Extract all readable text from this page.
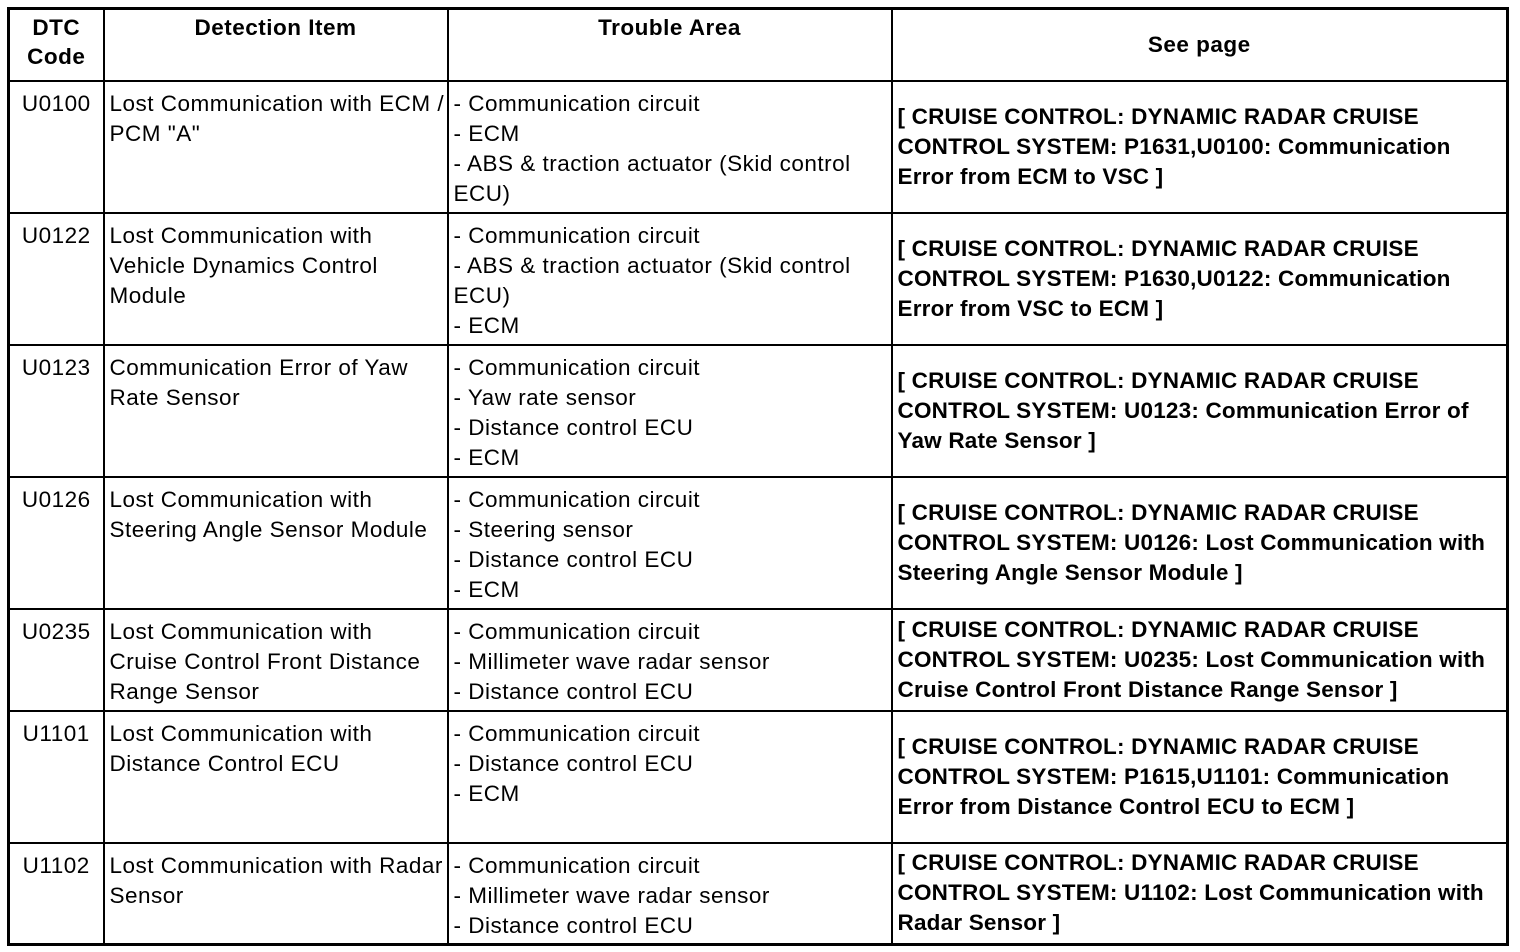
DTC
Code	Detection Item	Trouble Area	See page
U0100	Lost Communication with ECM / PCM "A"	- Communication circuit
- ECM
- ABS & traction actuator (Skid control ECU)	[ CRUISE CONTROL: DYNAMIC RADAR CRUISE CONTROL SYSTEM: P1631,U0100: Communication Error from ECM to VSC ]
U0122	Lost Communication with Vehicle Dynamics Control Module	- Communication circuit
- ABS & traction actuator (Skid control ECU)
- ECM	[ CRUISE CONTROL: DYNAMIC RADAR CRUISE CONTROL SYSTEM: P1630,U0122: Communication Error from VSC to ECM ]
U0123	Communication Error of Yaw Rate Sensor	- Communication circuit
- Yaw rate sensor
- Distance control ECU
- ECM	[ CRUISE CONTROL: DYNAMIC RADAR CRUISE CONTROL SYSTEM: U0123: Communication Error of Yaw Rate Sensor ]
U0126	Lost Communication with Steering Angle Sensor Module	- Communication circuit
- Steering sensor
- Distance control ECU
- ECM	[ CRUISE CONTROL: DYNAMIC RADAR CRUISE CONTROL SYSTEM: U0126: Lost Communication with Steering Angle Sensor Module ]
U0235	Lost Communication with Cruise Control Front Distance Range Sensor	- Communication circuit
- Millimeter wave radar sensor
- Distance control ECU	[ CRUISE CONTROL: DYNAMIC RADAR CRUISE CONTROL SYSTEM: U0235: Lost Communication with Cruise Control Front Distance Range Sensor ]
U1101	Lost Communication with Distance Control ECU	- Communication circuit
- Distance control ECU
- ECM	[ CRUISE CONTROL: DYNAMIC RADAR CRUISE CONTROL SYSTEM: P1615,U1101: Communication Error from Distance Control ECU to ECM ]
U1102	Lost Communication with Radar Sensor	- Communication circuit
- Millimeter wave radar sensor
- Distance control ECU	[ CRUISE CONTROL: DYNAMIC RADAR CRUISE CONTROL SYSTEM: U1102: Lost Communication with Radar Sensor ]
